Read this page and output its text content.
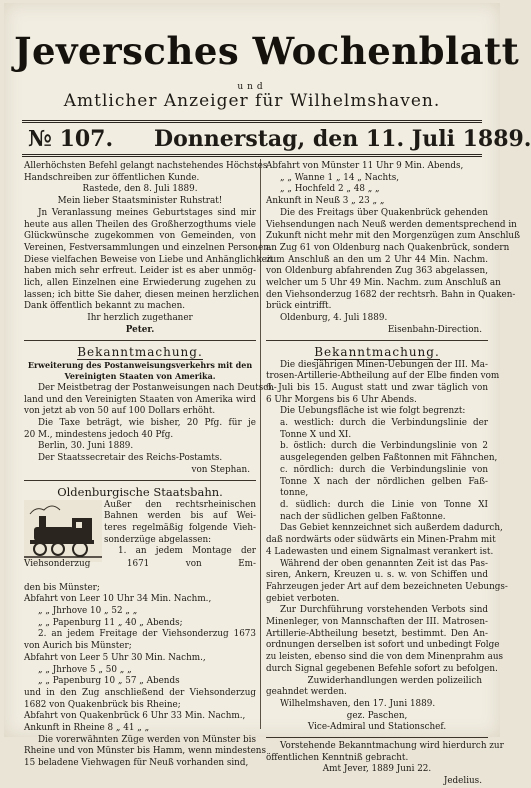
Jeversches Wochenblatt
und
Amtlicher Anzeiger für Wilhelmshaven.
№ 107. Donnerstag, den 11. Juli 1889.
Allerhöchsten Befehl gelangt nachstehendes Höchstes
Handschreiben zur öffentlichen Kunde.
Rastede, den 8. Juli 1889.
Mein lieber Staatsminister Ruhstrat!
Jn Veranlassung meines Geburtstages sind mir
heute aus allen Theilen des Großherzogthums viele
Glückwünsche zugekommen von Gemeinden, von
Vereinen, Festversammlungen und einzelnen Personen.
Diese vielfachen Beweise von Liebe und Anhänglichkeit
haben mich sehr erfreut. Leider ist es aber unmög-
lich, allen Einzelnen eine Erwiederung zugehen zu
lassen; ich bitte Sie daher, diesen meinen herzlichen
Dank öffentlich bekannt zu machen.
Ihr herzlich zugethaner
Peter.
Bekanntmachung.
Erweiterung des Postanweisungsverkehrs mit den
Vereinigten Staaten von Amerika.
Der Meistbetrag der Postanweisungen nach Deutsch-
land und den Vereinigten Staaten von Amerika wird
von jetzt ab von 50 auf 100 Dollars erhöht.
Die Taxe beträgt, wie bisher, 20 Pfg. für je
20 M., mindestens jedoch 40 Pfg.
Berlin, 30. Juni 1889.
Der Staatssecretair des Reichs-Postamts.
von Stephan.
Oldenburgische Staatsbahn.
Außer den rechtsrheinischen
Bahnen werden bis auf Wei-
teres regelmäßig folgende Vieh-
sonderzüge abgelassen:
1. an jedem Montage der
Viehsonderzug 1671 von Em-
den bis Münster;
Abfahrt von Leer 10 Uhr 34 Min. Nachm.,
„ „ Jhrhove 10 „ 52 „ „
„ „ Papenburg 11 „ 40 „ Abends;
2. an jedem Freitage der Viehsonderzug 1673
von Aurich bis Münster;
Abfahrt von Leer 5 Uhr 30 Min. Nachm.,
„ „ Jhrhove 5 „ 50 „ „
„ „ Papenburg 10 „ 57 „ Abends
und in den Zug anschließend der Viehsonderzug
1682 von Quakenbrück bis Rheine;
Abfahrt von Quakenbrück 6 Uhr 33 Min. Nachm.,
Ankunft in Rheine 8 „ 41 „ „
Die vorerwähnten Züge werden von Münster bis
Rheine und von Münster bis Hamm, wenn mindestens
15 beladene Viehwagen für Neuß vorhanden sind,
Abfahrt von Münster 11 Uhr 9 Min. Abends,
„ „ Wanne 1 „ 14 „ Nachts,
„ „ Hochfeld 2 „ 48 „ „
Ankunft in Neuß 3 „ 23 „ „
Die des Freitags über Quakenbrück gehenden
Viehsendungen nach Neuß werden dementsprechend in
Zukunft nicht mehr mit den Morgenzügen zum Anschluß
an Zug 61 von Oldenburg nach Quakenbrück, sondern
zum Anschluß an den um 2 Uhr 44 Min. Nachm.
von Oldenburg abfahrenden Zug 363 abgelassen,
welcher um 5 Uhr 49 Min. Nachm. zum Anschluß an
den Viehsonderzug 1682 der rechtsrh. Bahn in Quaken-
brück eintrifft.
Oldenburg, 4. Juli 1889.
Eisenbahn-Direction.
Bekanntmachung.
Die diesjährigen Minen-Uebungen der III. Ma-
trosen-Artillerie-Abtheilung auf der Elbe finden vom
6. Juli bis 15. August statt und zwar täglich von
6 Uhr Morgens bis 6 Uhr Abends.
Die Uebungsfläche ist wie folgt begrenzt:
a. westlich: durch die Verbindungslinie der
Tonne X und XI.
b. östlich: durch die Verbindungslinie von 2
ausgelegenden gelben Faßtonnen mit Fähnchen,
c. nördlich: durch die Verbindungslinie von
Tonne X nach der nördlichen gelben Faß-
tonne,
d. südlich: durch die Linie von Tonne XI
nach der südlichen gelben Faßtonne.
Das Gebiet kennzeichnet sich außerdem dadurch,
daß nordwärts oder südwärts ein Minen-Prahm mit
4 Ladewasten und einem Signalmast verankert ist.
Während der oben genannten Zeit ist das Pas-
siren, Ankern, Kreuzen u. s. w. von Schiffen und
Fahrzeugen jeder Art auf dem bezeichneten Uebungs-
gebiet verboten.
Zur Durchführung vorstehenden Verbots sind
Minenleger, von Mannschaften der III. Matrosen-
Artillerie-Abtheilung besetzt, bestimmt. Den An-
ordnungen derselben ist sofort und unbedingt Folge
zu leisten, ebenso sind die von dem Minenprahm aus
durch Signal gegebenen Befehle sofort zu befolgen.
Zuwiderhandlungen werden polizeilich
geahndet werden.
Wilhelmshaven, den 17. Juni 1889.
gez. Paschen,
Vice-Admiral und Stationschef.
Vorstehende Bekanntmachung wird hierdurch zur
öffentlichen Kenntniß gebracht.
Amt Jever, 1889 Juni 22.
Jedelius.
